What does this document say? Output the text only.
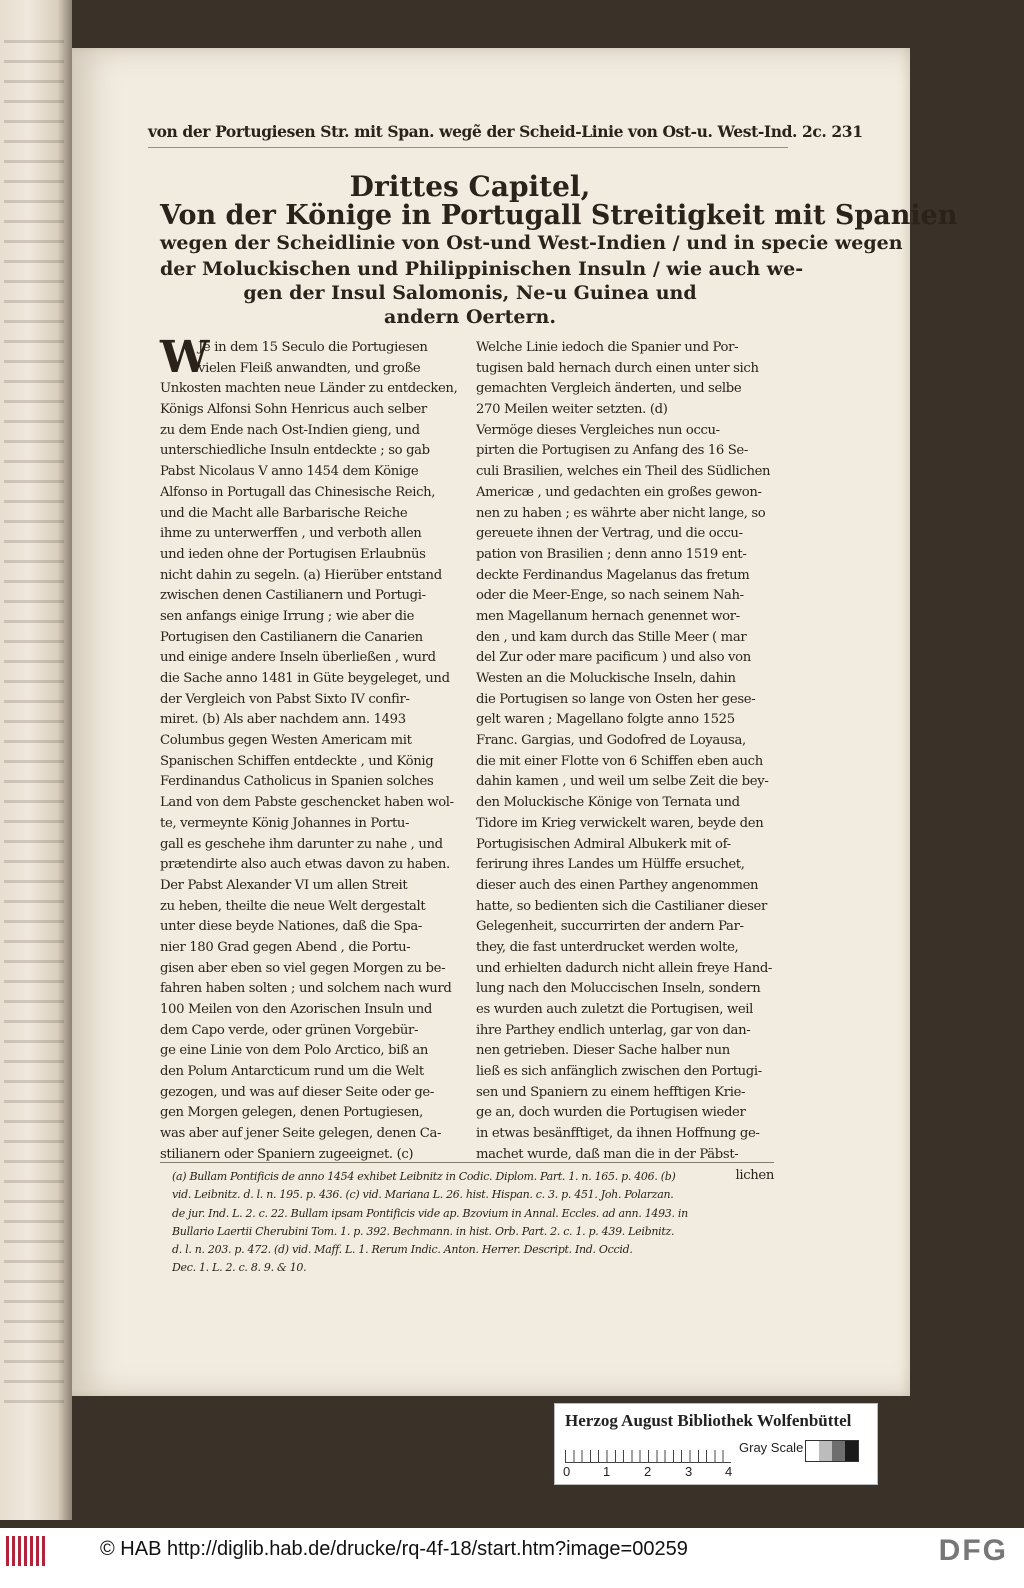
von der Portugiesen Str. mit Span. wegẽ der Scheid-Linie von Ost-u. West-Ind. 2c. 231
Drittes Capitel,
Von der Könige in Portugall Streitigkeit mit Spanien
wegen der Scheidlinie von Ost-und West-Indien / und in specie wegen
der Moluckischen und Philippinischen Insuln / wie auch we-
gen der Insul Salomonis, Ne-u Guinea und
andern Oertern.
W
Je in dem 15 Seculo die Portugiesen
vielen Fleiß anwandten, und große
Unkosten machten neue Länder zu entdecken,
Königs Alfonsi Sohn Henricus auch selber
zu dem Ende nach Ost-Indien gieng, und
unterschiedliche Insuln entdeckte ; so gab
Pabst Nicolaus V anno 1454 dem Könige
Alfonso in Portugall das Chinesische Reich,
und die Macht alle Barbarische Reiche
ihme zu unterwerffen , und verboth allen
und ieden ohne der Portugisen Erlaubnüs
nicht dahin zu segeln. (a) Hierüber entstand
zwischen denen Castilianern und Portugi-
sen anfangs einige Irrung ; wie aber die
Portugisen den Castilianern die Canarien
und einige andere Inseln überließen , wurd
die Sache anno 1481 in Güte beygeleget, und
der Vergleich von Pabst Sixto IV confir-
miret. (b) Als aber nachdem ann. 1493
Columbus gegen Westen Americam mit
Spanischen Schiffen entdeckte , und König
Ferdinandus Catholicus in Spanien solches
Land von dem Pabste geschencket haben wol-
te, vermeynte König Johannes in Portu-
gall es geschehe ihm darunter zu nahe , und
prætendirte also auch etwas davon zu haben.
Der Pabst Alexander VI um allen Streit
zu heben, theilte die neue Welt dergestalt
unter diese beyde Nationes, daß die Spa-
nier 180 Grad gegen Abend , die Portu-
gisen aber eben so viel gegen Morgen zu be-
fahren haben solten ; und solchem nach wurd
100 Meilen von den Azorischen Insuln und
dem Capo verde, oder grünen Vorgebür-
ge eine Linie von dem Polo Arctico, biß an
den Polum Antarcticum rund um die Welt
gezogen, und was auf dieser Seite oder ge-
gen Morgen gelegen, denen Portugiesen,
was aber auf jener Seite gelegen, denen Ca-
stilianern oder Spaniern zugeeignet. (c)
Welche Linie iedoch die Spanier und Por-
tugisen bald hernach durch einen unter sich
gemachten Vergleich änderten, und selbe
270 Meilen weiter setzten. (d)
Vermöge dieses Vergleiches nun occu-
pirten die Portugisen zu Anfang des 16 Se-
culi Brasilien, welches ein Theil des Südlichen
Americæ , und gedachten ein großes gewon-
nen zu haben ; es währte aber nicht lange, so
gereuete ihnen der Vertrag, und die occu-
pation von Brasilien ; denn anno 1519 ent-
deckte Ferdinandus Magelanus das fretum
oder die Meer-Enge, so nach seinem Nah-
men Magellanum hernach genennet wor-
den , und kam durch das Stille Meer ( mar
del Zur oder mare pacificum ) und also von
Westen an die Moluckische Inseln, dahin
die Portugisen so lange von Osten her gese-
gelt waren ; Magellano folgte anno 1525
Franc. Gargias, und Godofred de Loyausa,
die mit einer Flotte von 6 Schiffen eben auch
dahin kamen , und weil um selbe Zeit die bey-
den Moluckische Könige von Ternata und
Tidore im Krieg verwickelt waren, beyde den
Portugisischen Admiral Albukerk mit of-
ferirung ihres Landes um Hülffe ersuchet,
dieser auch des einen Parthey angenommen
hatte, so bedienten sich die Castilianer dieser
Gelegenheit, succurrirten der andern Par-
they, die fast unterdrucket werden wolte,
und erhielten dadurch nicht allein freye Hand-
lung nach den Moluccischen Inseln, sondern
es wurden auch zuletzt die Portugisen, weil
ihre Parthey endlich unterlag, gar von dan-
nen getrieben. Dieser Sache halber nun
ließ es sich anfänglich zwischen den Portugi-
sen und Spaniern zu einem hefftigen Krie-
ge an, doch wurden die Portugisen wieder
in etwas besänfftiget, da ihnen Hoffnung ge-
machet wurde, daß man die in der Päbst-
lichen
(a) Bullam Pontificis de anno 1454 exhibet Leibnitz in Codic. Diplom. Part. 1. n. 165. p. 406. (b)
vid. Leibnitz. d. l. n. 195. p. 436. (c) vid. Mariana L. 26. hist. Hispan. c. 3. p. 451. Joh. Polarzan.
de jur. Ind. L. 2. c. 22. Bullam ipsam Pontificis vide ap. Bzovium in Annal. Eccles. ad ann. 1493. in
Bullario Laertii Cherubini Tom. 1. p. 392. Bechmann. in hist. Orb. Part. 2. c. 1. p. 439. Leibnitz.
d. l. n. 203. p. 472. (d) vid. Maff. L. 1. Rerum Indic. Anton. Herrer. Descript. Ind. Occid.
Dec. 1. L. 2. c. 8. 9. & 10.
Herzog August Bibliothek Wolfenbüttel
0	1	2	3	4
Gray Scale
© HAB http://diglib.hab.de/drucke/rq-4f-18/start.htm?image=00259	DFG
